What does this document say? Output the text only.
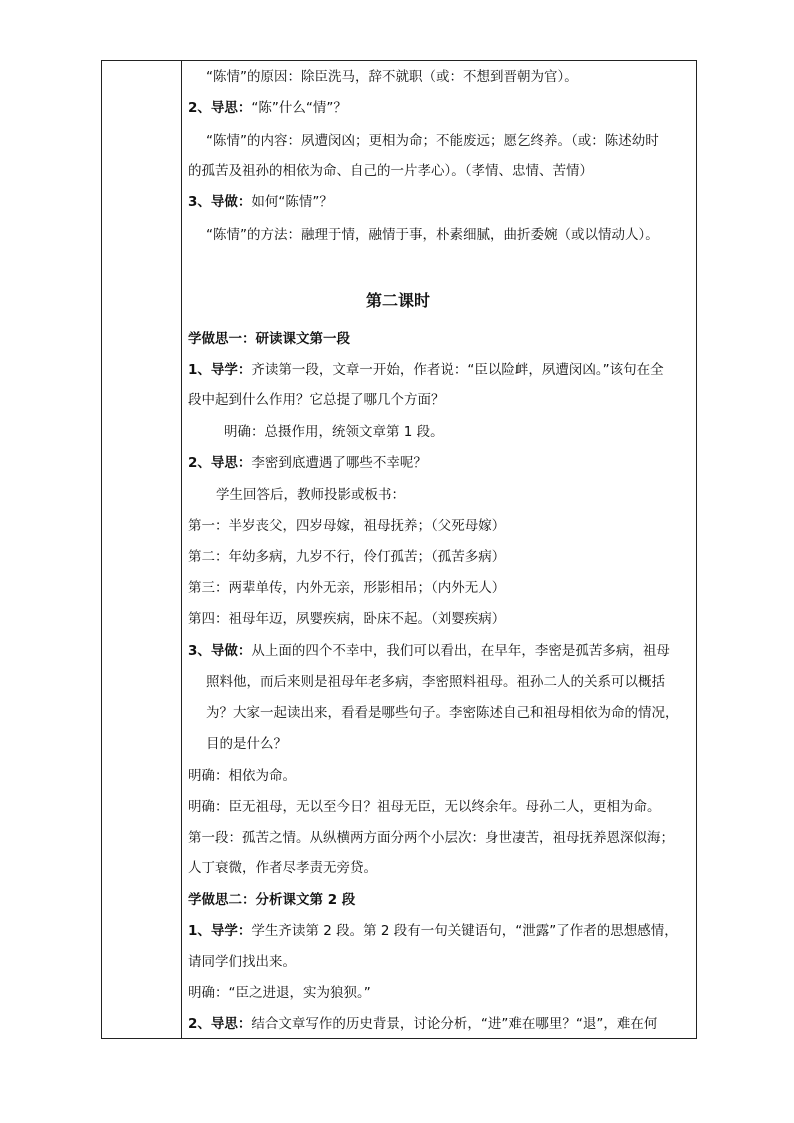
“陈情”的原因：除臣洗马，辞不就职（或：不想到晋朝为官）。
2、导思：“陈”什么“情”？
“陈情”的内容：夙遭闵凶；更相为命；不能废远；愿乞终养。（或：陈述幼时
的孤苦及祖孙的相依为命、自己的一片孝心）。（孝情、忠情、苦情）
3、导做：如何“陈情”？
“陈情”的方法：融理于情，融情于事，朴素细腻，曲折委婉（或以情动人）。
第二课时
学做思一：研读课文第一段
1、导学：齐读第一段，文章一开始，作者说：“臣以险衅，夙遭闵凶。”该句在全
段中起到什么作用？它总提了哪几个方面？
明确：总摄作用，统领文章第 1 段。
2、导思：李密到底遭遇了哪些不幸呢？
学生回答后，教师投影或板书：
第一：半岁丧父，四岁母嫁，祖母抚养；（父死母嫁）
第二：年幼多病，九岁不行，伶仃孤苦；（孤苦多病）
第三：两辈单传，内外无亲，形影相吊；（内外无人）
第四：祖母年迈，夙婴疾病，卧床不起。（刘婴疾病）
3、导做：从上面的四个不幸中，我们可以看出，在早年，李密是孤苦多病，祖母
照料他，而后来则是祖母年老多病，李密照料祖母。祖孙二人的关系可以概括
为？大家一起读出来，看看是哪些句子。李密陈述自己和祖母相依为命的情况，
目的是什么？
明确：相依为命。
明确：臣无祖母，无以至今日？祖母无臣，无以终余年。母孙二人，更相为命。
第一段：孤苦之情。从纵横两方面分两个小层次：身世凄苦，祖母抚养恩深似海；
人丁衰微，作者尽孝责无旁贷。
学做思二：分析课文第 2 段
1、导学：学生齐读第 2 段。第 2 段有一句关键语句，“泄露”了作者的思想感情，
请同学们找出来。
明确：“臣之进退，实为狼狈。”
2、导思：结合文章写作的历史背景，讨论分析，“进”难在哪里？“退”，难在何
